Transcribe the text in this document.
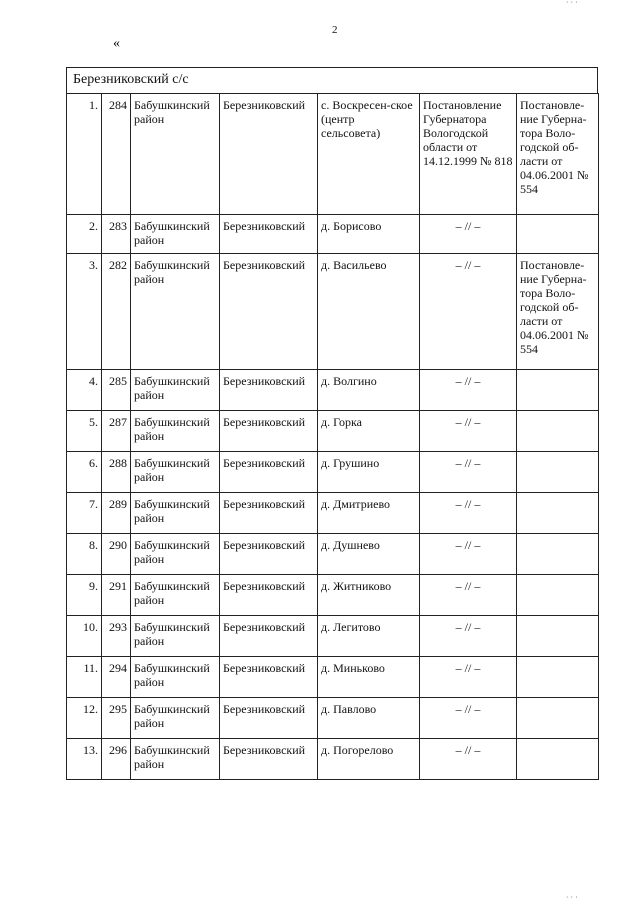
‧ ‧ ‧
2
«
Березниковский с/с
1.	284	Бабушкинский район	Березниковский	с. Воскресен-ское (центр сельсовета)	Постановление Губернатора Вологодской области от 14.12.1999 № 818	Постановле-ние Губерна-тора Воло-годской об-ласти от 04.06.2001 № 554
2.	283	Бабушкинский район	Березниковский	д. Борисово	– // –	
3.	282	Бабушкинский район	Березниковский	д. Васильево	– // –	Постановле-ние Губерна-тора Воло-годской об-ласти от 04.06.2001 № 554
4.	285	Бабушкинский район	Березниковский	д. Волгино	– // –	
5.	287	Бабушкинский район	Березниковский	д. Горка	– // –	
6.	288	Бабушкинский район	Березниковский	д. Грушино	– // –	
7.	289	Бабушкинский район	Березниковский	д. Дмитриево	– // –	
8.	290	Бабушкинский район	Березниковский	д. Душнево	– // –	
9.	291	Бабушкинский район	Березниковский	д. Житниково	– // –	
10.	293	Бабушкинский район	Березниковский	д. Легитово	– // –	
11.	294	Бабушкинский район	Березниковский	д. Миньково	– // –	
12.	295	Бабушкинский район	Березниковский	д. Павлово	– // –	
13.	296	Бабушкинский район	Березниковский	д. Погорелово	– // –	
‧ ‧ ‧
